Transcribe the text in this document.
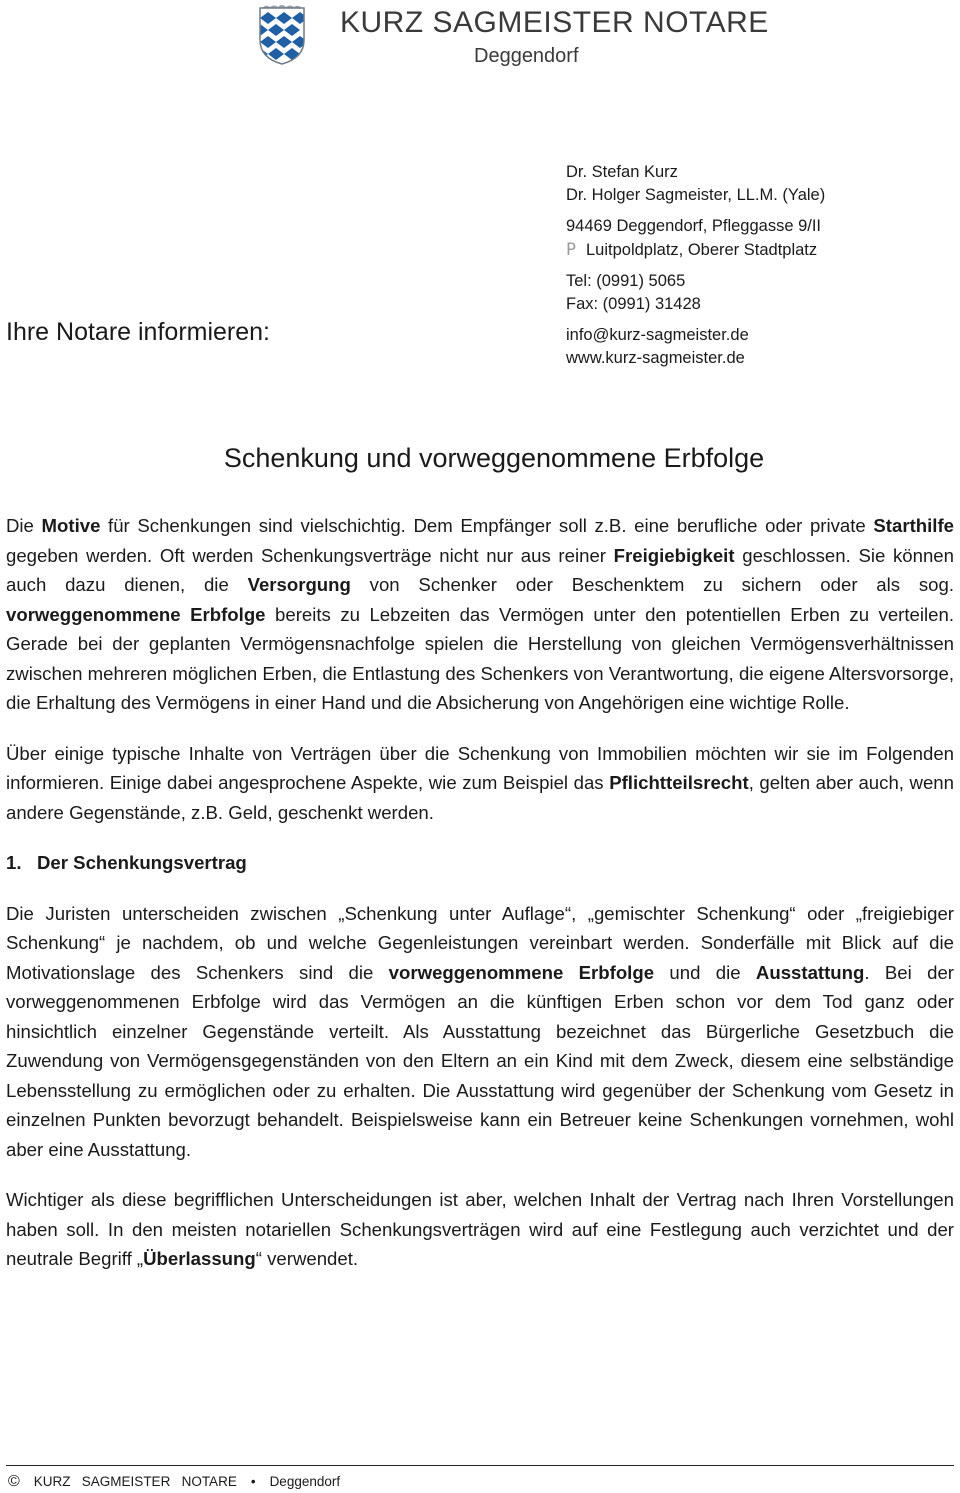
KURZ SAGMEISTER NOTARE
Deggendorf
Dr. Stefan Kurz
Dr. Holger Sagmeister, LL.M. (Yale)
94469 Deggendorf, Pfleggasse 9/II
P Luitpoldplatz, Oberer Stadtplatz
Tel: (0991) 5065
Fax: (0991) 31428
info@kurz-sagmeister.de
www.kurz-sagmeister.de
Ihre Notare informieren:
Schenkung und vorweggenommene Erbfolge

Die Motive für Schenkungen sind vielschichtig. Dem Empfänger soll z.B. eine berufliche oder private Starthilfe gegeben werden. Oft werden Schenkungsverträge nicht nur aus reiner Freigiebigkeit geschlossen. Sie können auch dazu dienen, die Versorgung von Schenker oder Beschenktem zu sichern oder als sog. vorweggenommene Erbfolge bereits zu Lebzeiten das Vermögen unter den potentiellen Erben zu verteilen. Gerade bei der geplanten Vermögensnachfolge spielen die Herstellung von gleichen Vermögensverhältnissen zwischen mehreren möglichen Erben, die Entlastung des Schenkers von Verantwortung, die eigene Altersvorsorge, die Erhaltung des Vermögens in einer Hand und die Absicherung von Angehörigen eine wichtige Rolle.

Über einige typische Inhalte von Verträgen über die Schenkung von Immobilien möchten wir sie im Folgenden informieren. Einige dabei angesprochene Aspekte, wie zum Beispiel das Pflichtteilsrecht, gelten aber auch, wenn andere Gegenstände, z.B. Geld, geschenkt werden.

1.   Der Schenkungsvertrag

Die Juristen unterscheiden zwischen „Schenkung unter Auflage“, „gemischter Schenkung“ oder „freigiebiger Schenkung“ je nachdem, ob und welche Gegenleistungen vereinbart werden. Sonderfälle mit Blick auf die Motivationslage des Schenkers sind die vorweggenommene Erbfolge und die Ausstattung. Bei der vorweggenommenen Erbfolge wird das Vermögen an die künftigen Erben schon vor dem Tod ganz oder hinsichtlich einzelner Gegenstände verteilt. Als Ausstattung bezeichnet das Bürgerliche Gesetzbuch die Zuwendung von Vermögensgegenständen von den Eltern an ein Kind mit dem Zweck, diesem eine selbständige Lebensstellung zu ermöglichen oder zu erhalten. Die Ausstattung wird gegenüber der Schenkung vom Gesetz in einzelnen Punkten bevorzugt behandelt. Beispielsweise kann ein Betreuer keine Schenkungen vornehmen, wohl aber eine Ausstattung.

Wichtiger als diese begrifflichen Unterscheidungen ist aber, welchen Inhalt der Vertrag nach Ihren Vorstellungen haben soll. In den meisten notariellen Schenkungsverträgen wird auf eine Festlegung auch verzichtet und der neutrale Begriff „Überlassung“ verwendet.

© KURZ   SAGMEISTER   NOTARE • Deggendorf
